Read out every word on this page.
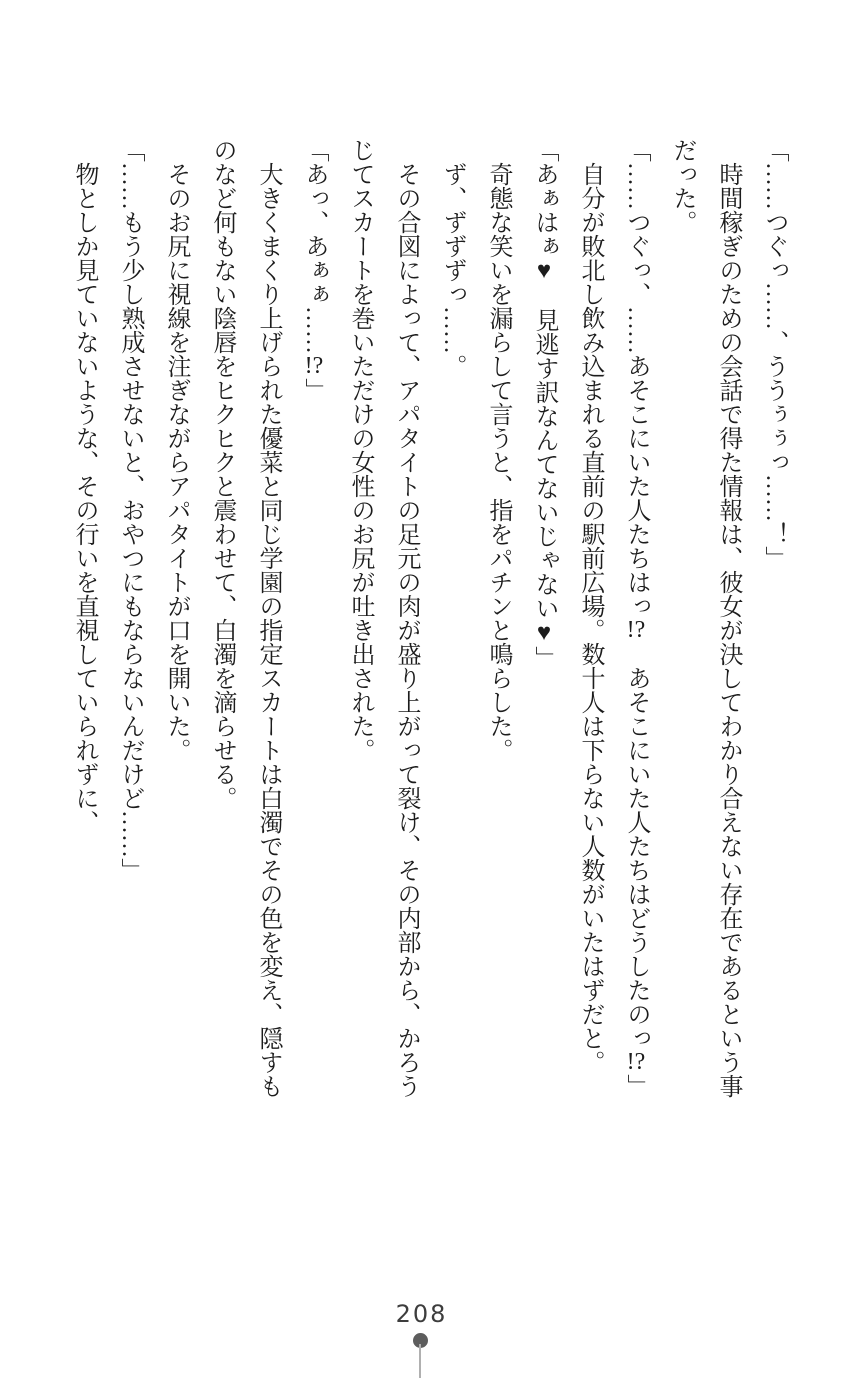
「……つぐっ……、ううぅぅっ……！」

時間稼ぎのための会話で得た情報は、彼女が決してわかり合えない存在であるという事だった。

「……つぐっ、……あそこにいた人たちはっ!?　あそこにいた人たちはどうしたのっ!?」

自分が敗北し飲み込まれる直前の駅前広場。数十人は下らない人数がいたはずだと。

「あぁはぁ♥　見逃す訳なんてないじゃない♥」

奇態な笑いを漏らして言うと、指をパチンと鳴らした。

ず、ずずずっ……。

その合図によって、アパタイトの足元の肉が盛り上がって裂け、その内部から、かろうじてスカートを巻いただけの女性のお尻が吐き出された。

「あっ、あぁぁ……!?」

大きくまくり上げられた優菜と同じ学園の指定スカートは白濁でその色を変え、隠すものなど何もない陰唇をヒクヒクと震わせて、白濁を滴らせる。

そのお尻に視線を注ぎながらアパタイトが口を開いた。

「……もう少し熟成させないと、おやつにもならないんだけど……」

物としか見ていないような、その行いを直視していられずに、

208
